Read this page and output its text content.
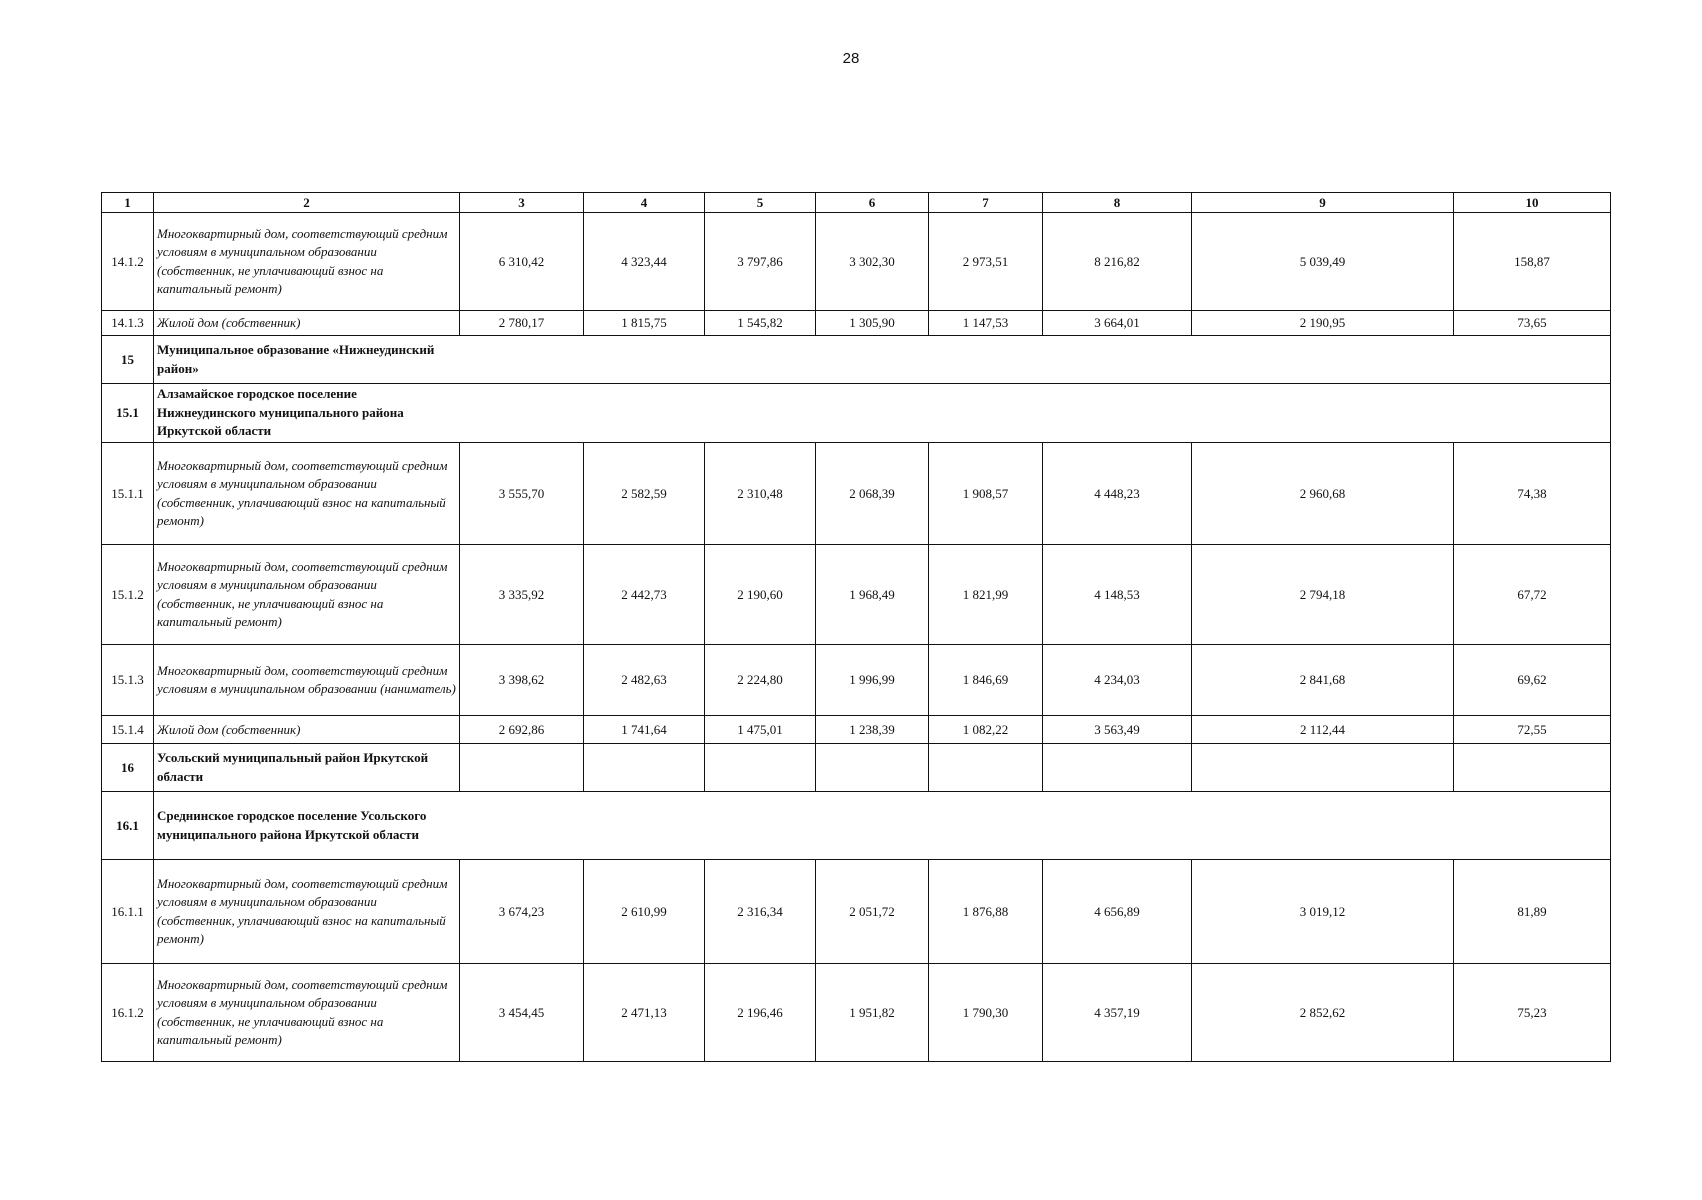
28
1	2	3	4	5	6	7	8	9	10
14.1.2	Многоквартирный дом, соответствующий средним условиям в муниципальном образовании (собственник, не уплачивающий взнос на капитальный ремонт)	6 310,42	4 323,44	3 797,86	3 302,30	2 973,51	8 216,82	5 039,49	158,87
14.1.3	Жилой дом (собственник)	2 780,17	1 815,75	1 545,82	1 305,90	1 147,53	3 664,01	2 190,95	73,65
15	Муниципальное образование «Нижнеудинский район»								

15.1	Алзамайское городское поселение Нижнеудинского муниципального района Иркутской области								

15.1.1	Многоквартирный дом, соответствующий средним условиям в муниципальном образовании (собственник, уплачивающий взнос на капитальный ремонт)	3 555,70	2 582,59	2 310,48	2 068,39	1 908,57	4 448,23	2 960,68	74,38
15.1.2	Многоквартирный дом, соответствующий средним условиям в муниципальном образовании (собственник, не уплачивающий взнос на капитальный ремонт)	3 335,92	2 442,73	2 190,60	1 968,49	1 821,99	4 148,53	2 794,18	67,72
15.1.3	Многоквартирный дом, соответствующий средним условиям в муниципальном образовании (наниматель)	3 398,62	2 482,63	2 224,80	1 996,99	1 846,69	4 234,03	2 841,68	69,62
15.1.4	Жилой дом (собственник)	2 692,86	1 741,64	1 475,01	1 238,39	1 082,22	3 563,49	2 112,44	72,55
16	Усольский муниципальный район Иркутской области								
16.1	Среднинское городское поселение Усольского муниципального района Иркутской области								

16.1.1	Многоквартирный дом, соответствующий средним условиям в муниципальном образовании (собственник, уплачивающий взнос на капитальный ремонт)	3 674,23	2 610,99	2 316,34	2 051,72	1 876,88	4 656,89	3 019,12	81,89
16.1.2	Многоквартирный дом, соответствующий средним условиям в муниципальном образовании (собственник, не уплачивающий взнос на капитальный ремонт)	3 454,45	2 471,13	2 196,46	1 951,82	1 790,30	4 357,19	2 852,62	75,23
